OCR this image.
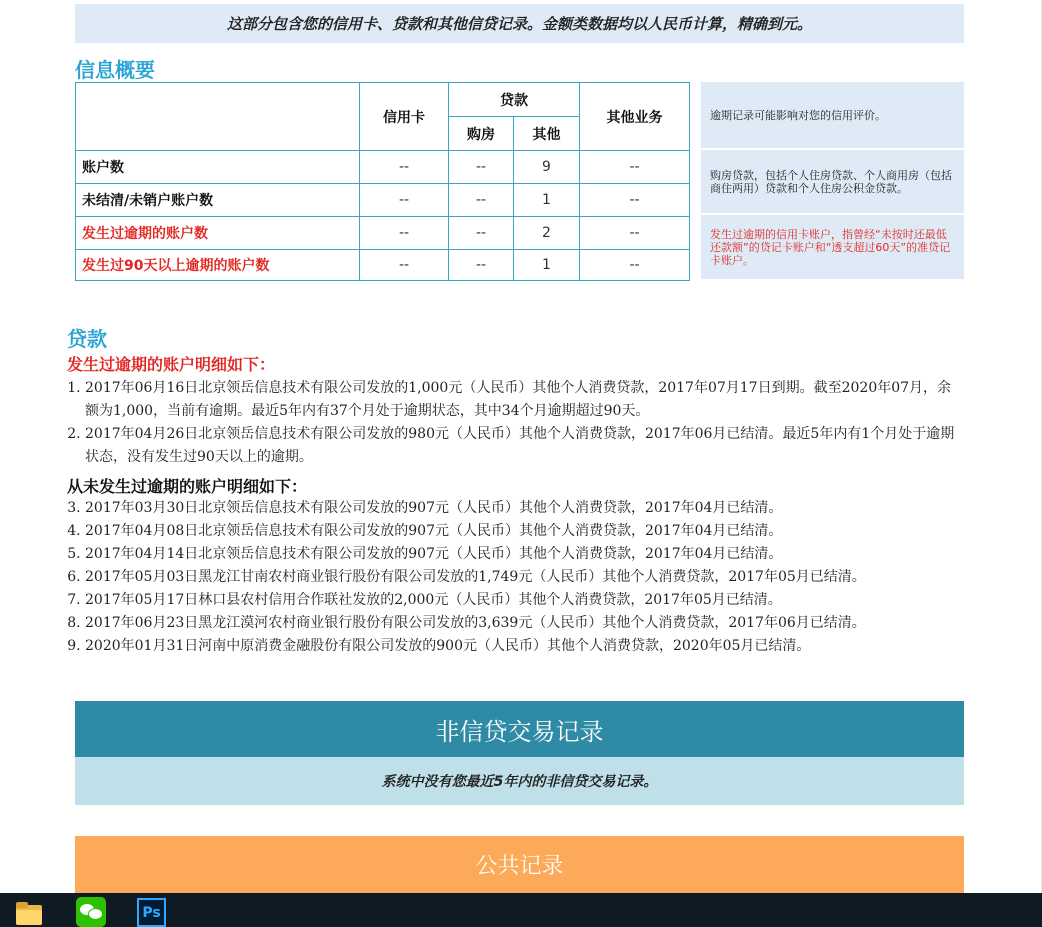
这部分包含您的信用卡、贷款和其他信贷记录。金额类数据均以人民币计算，精确到元。
信息概要
	信用卡	贷款		其他业务
		购房	其他	
账户数	--	--	9	--
未结清/未销户账户数	--	--	1	--
发生过逾期的账户数	--	--	2	--
发生过90天以上逾期的账户数	--	--	1	--
逾期记录可能影响对您的信用评价。
购房贷款，包括个人住房贷款、个人商用房（包括商住两用）贷款和个人住房公积金贷款。
发生过逾期的信用卡账户，指曾经“未按时还最低还款额”的贷记卡账户和“透支超过60天”的准贷记卡账户。
贷款
发生过逾期的账户明细如下：
1. 2017年06月16日北京领岳信息技术有限公司发放的1,000元（人民币）其他个人消费贷款，2017年07月17日到期。截至2020年07月，余额为1,000，当前有逾期。最近5年内有37个月处于逾期状态，其中34个月逾期超过90天。
2. 2017年04月26日北京领岳信息技术有限公司发放的980元（人民币）其他个人消费贷款，2017年06月已结清。最近5年内有1个月处于逾期状态，没有发生过90天以上的逾期。
从未发生过逾期的账户明细如下：
3. 2017年03月30日北京领岳信息技术有限公司发放的907元（人民币）其他个人消费贷款，2017年04月已结清。
4. 2017年04月08日北京领岳信息技术有限公司发放的907元（人民币）其他个人消费贷款，2017年04月已结清。
5. 2017年04月14日北京领岳信息技术有限公司发放的907元（人民币）其他个人消费贷款，2017年04月已结清。
6. 2017年05月03日黑龙江甘南农村商业银行股份有限公司发放的1,749元（人民币）其他个人消费贷款，2017年05月已结清。
7. 2017年05月17日林口县农村信用合作联社发放的2,000元（人民币）其他个人消费贷款，2017年05月已结清。
8. 2017年06月23日黑龙江漠河农村商业银行股份有限公司发放的3,639元（人民币）其他个人消费贷款，2017年06月已结清。
9. 2020年01月31日河南中原消费金融股份有限公司发放的900元（人民币）其他个人消费贷款，2020年05月已结清。
非信贷交易记录
系统中没有您最近5年内的非信贷交易记录。
公共记录
Ps
